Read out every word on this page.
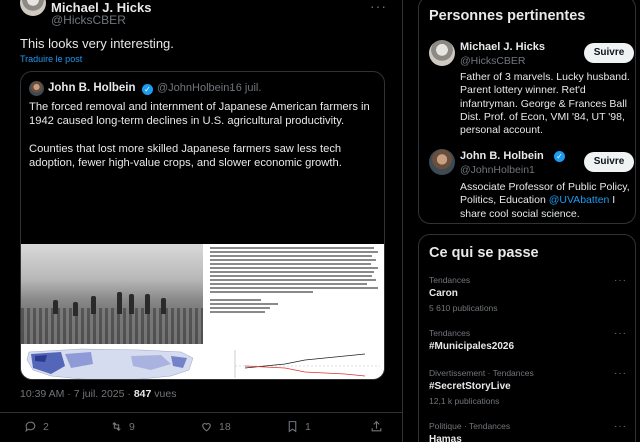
Michael J. Hicks
@HicksCBER
···
This looks very interesting.
Traduire le post
John B. Holbein ✓ @JohnHolbein1
· 6 juil.

The forced removal and internment of Japanese American farmers in 1942 caused long-term declines in U.S. agricultural productivity.

Counties that lost more skilled Japanese farmers saw less tech adoption, fewer high-value crops, and slower economic growth.

10:39 AM · 7 juil. 2025 · 847 vues
2	9	18	1
Personnes pertinentes
Michael J. Hicks
@HicksCBER
Suivre
Father of 3 marvels. Lucky husband. Parent lottery winner. Ret'd infantryman. George & Frances Ball Dist. Prof. of Econ, VMI '84, UT '98, personal account.
John B. Holbein ✓
@JohnHolbein1
Suivre
Associate Professor of Public Policy, Politics, Education @UVAbatten I share cool social science.
Ce qui se passe
Tendances
Caron
5 610 publications
···
Tendances
#Municipales2026
···
Divertissement · Tendances
#SecretStoryLive
12,1 k publications
···
Politique · Tendances
Hamas
···
